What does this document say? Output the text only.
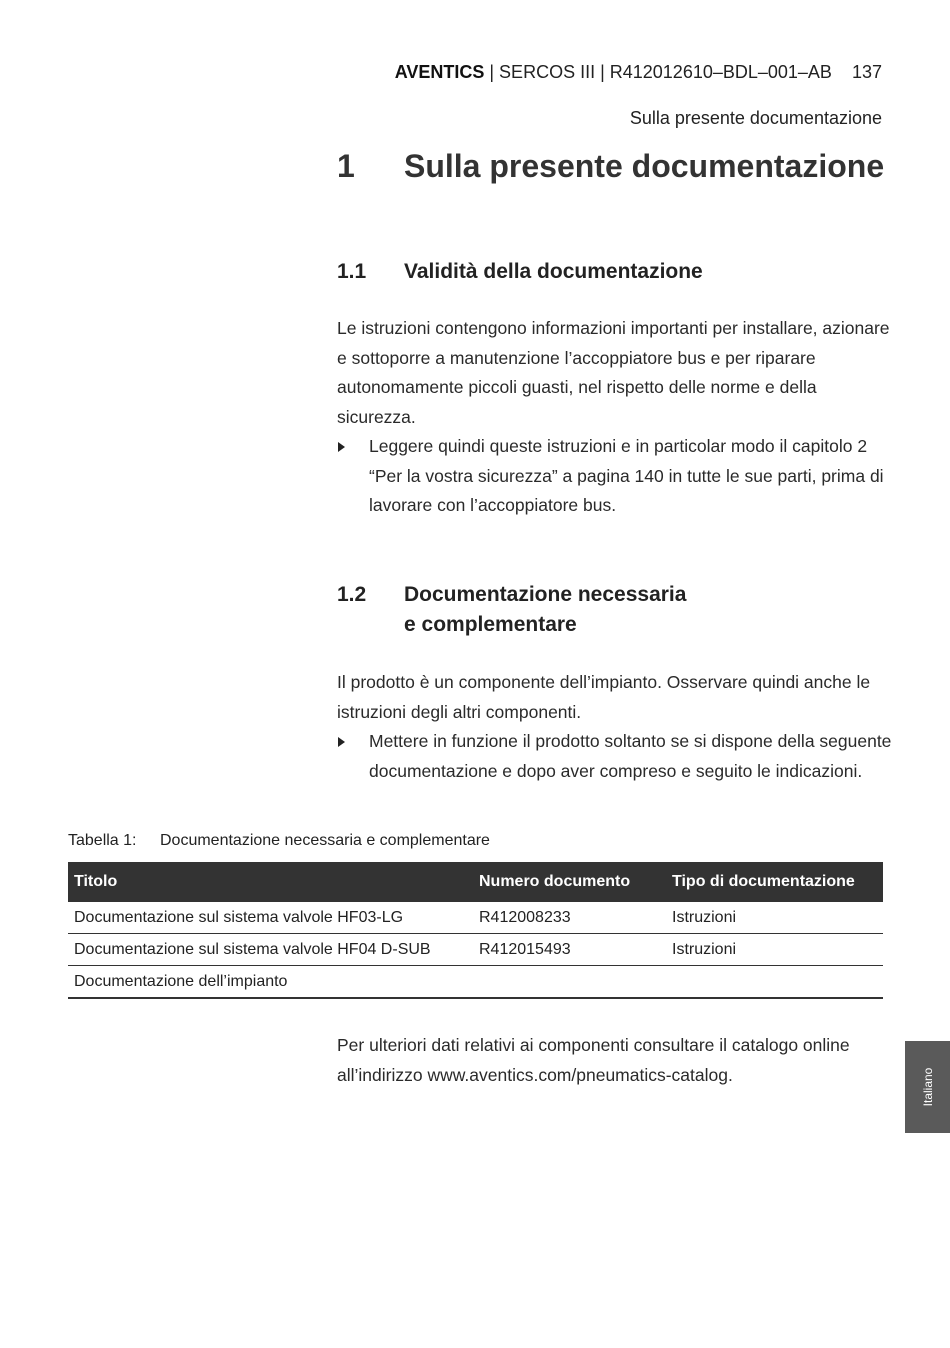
AVENTICS | SERCOS III | R412012610–BDL–001–AB 137
Sulla presente documentazione
1 Sulla presente documentazione
1.1 Validità della documentazione
Le istruzioni contengono informazioni importanti per installare, azionare e sottoporre a manutenzione l’accoppiatore bus e per riparare autonomamente piccoli guasti, nel rispetto delle norme e della sicurezza.
Leggere quindi queste istruzioni e in particolar modo il capitolo 2 “Per la vostra sicurezza” a pagina 140 in tutte le sue parti, prima di lavorare con l’accoppiatore bus.
1.2 Documentazione necessaria
e complementare
Il prodotto è un componente dell’impianto. Osservare quindi anche le istruzioni degli altri componenti.
Mettere in funzione il prodotto soltanto se si dispone della seguente documentazione e dopo aver compreso e seguito le indicazioni.
Tabella 1: Documentazione necessaria e complementare
Titolo	Numero documento	Tipo di documentazione
Documentazione sul sistema valvole HF03-LG	R412008233	Istruzioni
Documentazione sul sistema valvole HF04 D-SUB	R412015493	Istruzioni
Documentazione dell’impianto		
Per ulteriori dati relativi ai componenti consultare il catalogo online all’indirizzo www.aventics.com/pneumatics-catalog.	Italiano
